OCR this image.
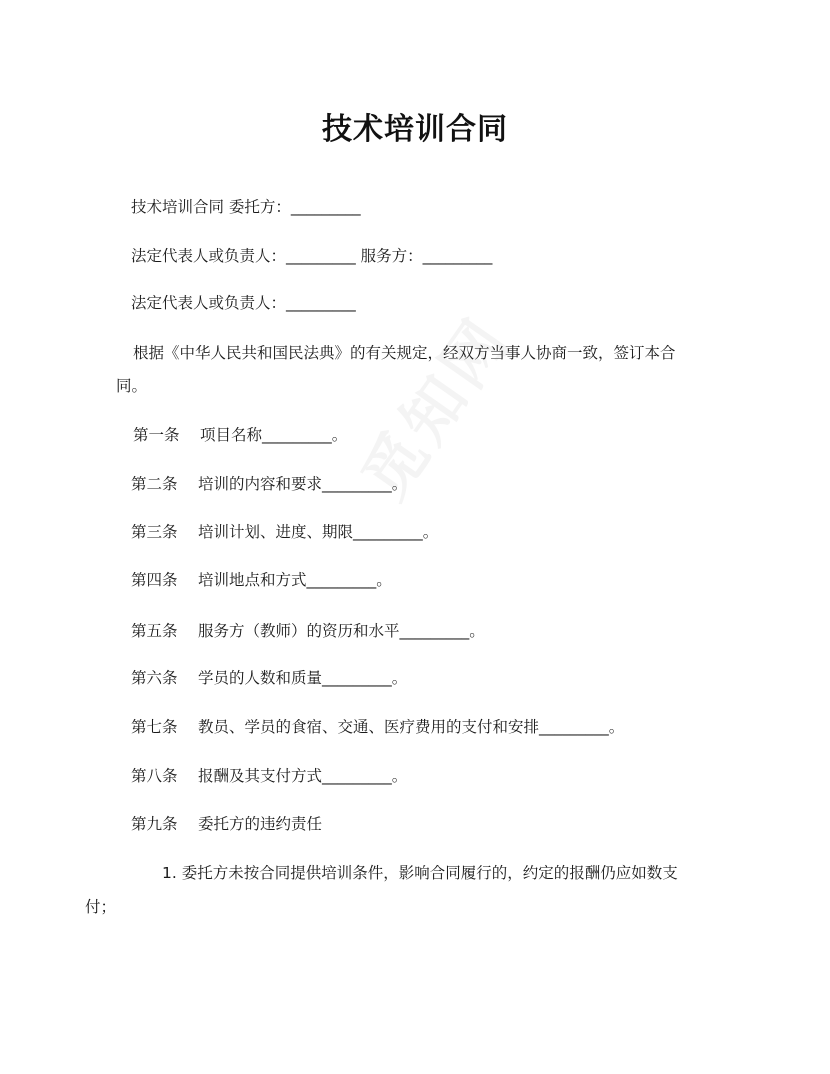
技术培训合同
技术培训合同 委托方：_________
法定代表人或负责人：_________ 服务方：_________
法定代表人或负责人：_________
根据《中华人民共和国民法典》的有关规定，经双方当事人协商一致，签订本合
同。
第一条 项目名称_________。
第二条 培训的内容和要求_________。
第三条 培训计划、进度、期限_________。
第四条 培训地点和方式_________。
第五条 服务方（教师）的资历和水平_________。
第六条 学员的人数和质量_________。
第七条 教员、学员的食宿、交通、医疗费用的支付和安排_________。
第八条 报酬及其支付方式_________。
第九条 委托方的违约责任
1. 委托方未按合同提供培训条件，影响合同履行的，约定的报酬仍应如数支
付；
